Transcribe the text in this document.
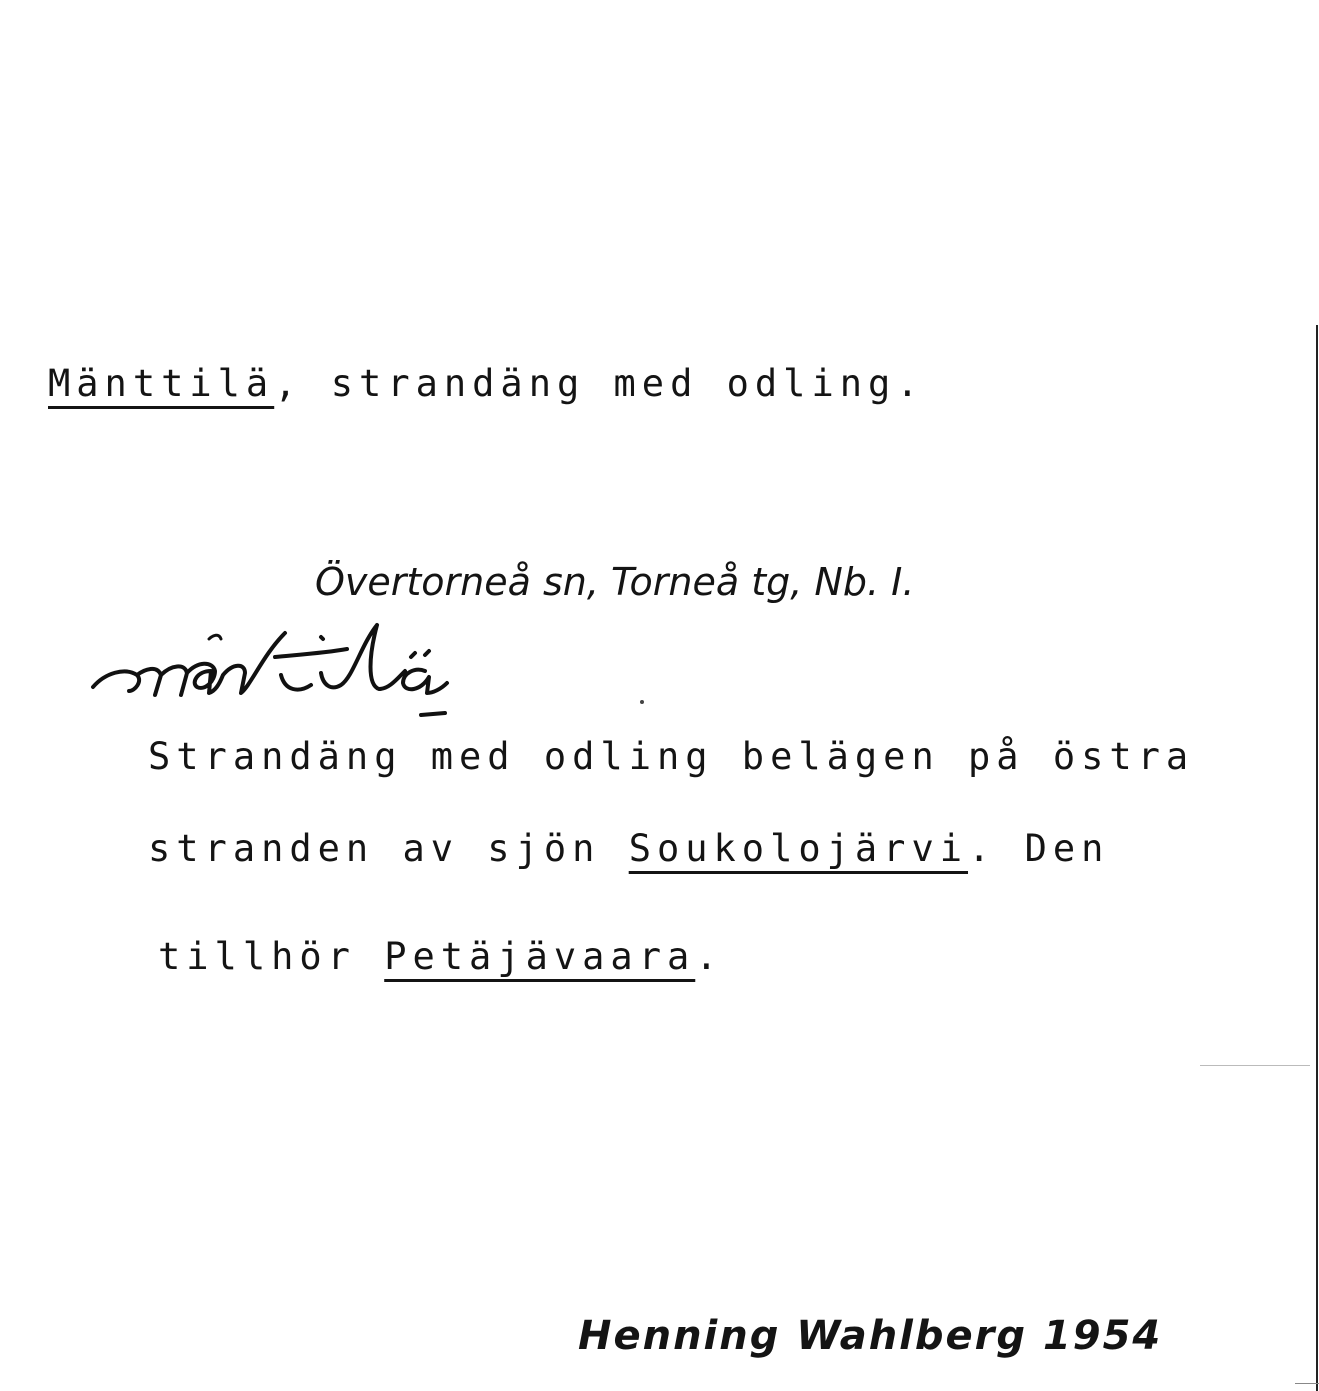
Mänttilä, strandäng med odling.
Övertorneå sn, Torneå tg, Nb. I.
Strandäng med odling belägen på östra
stranden av sjön Soukolojärvi. Den
tillhör Petäjävaara.
Henning Wahlberg 1954
